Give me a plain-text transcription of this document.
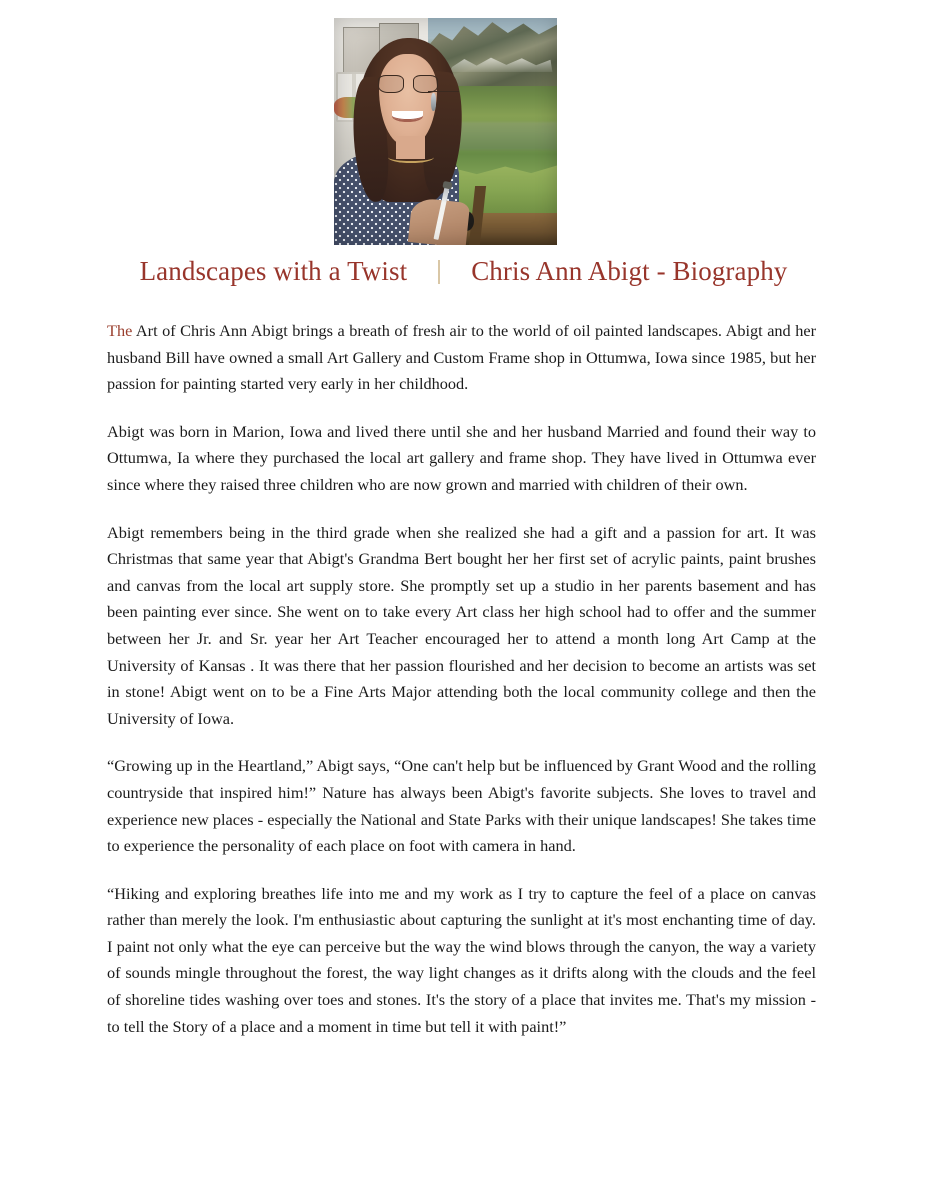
Landscapes with a Twist Chris Ann Abigt - Biography

The Art of Chris Ann Abigt brings a breath of fresh air to the world of oil painted landscapes. Abigt and her husband Bill have owned a small Art Gallery and Custom Frame shop in Ottumwa, Iowa since 1985, but her passion for painting started very early in her childhood.

Abigt was born in Marion, Iowa and lived there until she and her husband Married and found their way to Ottumwa, Ia where they purchased the local art gallery and frame shop. They have lived in Ottumwa ever since where they raised three children who are now grown and married with children of their own.

Abigt remembers being in the third grade when she realized she had a gift and a passion for art. It was Christmas that same year that Abigt's Grandma Bert bought her her first set of acrylic paints, paint brushes and canvas from the local art supply store. She promptly set up a studio in her parents basement and has been painting ever since. She went on to take every Art class her high school had to offer and the summer between her Jr. and Sr. year her Art Teacher encouraged her to attend a month long Art Camp at the University of Kansas . It was there that her passion flourished and her decision to become an artists was set in stone! Abigt went on to be a Fine Arts Major attending both the local community college and then the University of Iowa.

“Growing up in the Heartland,” Abigt says, “One can't help but be influenced by Grant Wood and the rolling countryside that inspired him!” Nature has always been Abigt's favorite subjects. She loves to travel and experience new places - especially the National and State Parks with their unique landscapes! She takes time to experience the personality of each place on foot with camera in hand.

“Hiking and exploring breathes life into me and my work as I try to capture the feel of a place on canvas rather than merely the look. I'm enthusiastic about capturing the sunlight at it's most enchanting time of day. I paint not only what the eye can perceive but the way the wind blows through the canyon, the way a variety of sounds mingle throughout the forest, the way light changes as it drifts along with the clouds and the feel of shoreline tides washing over toes and stones. It's the story of a place that invites me. That's my mission - to tell the Story of a place and a moment in time but tell it with paint!”
